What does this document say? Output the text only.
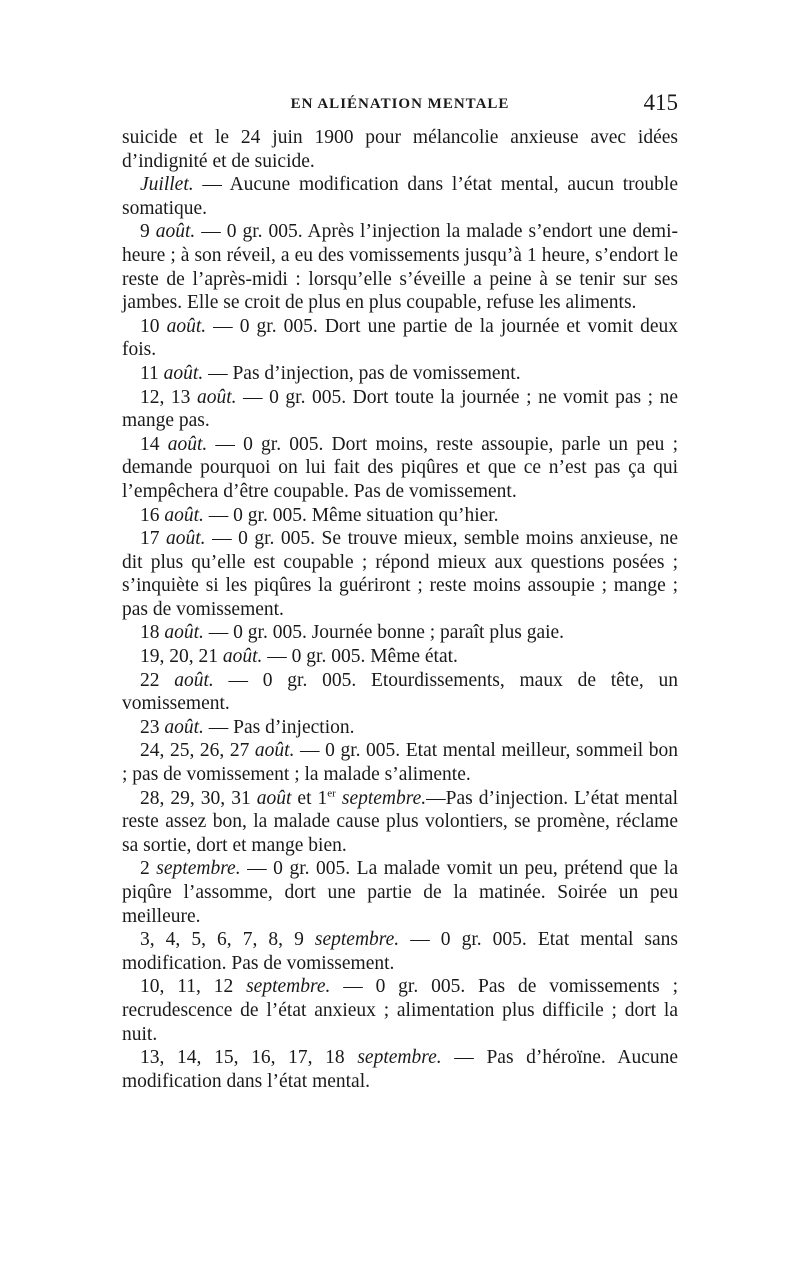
EN ALIÉNATION MENTALE	415

suicide et le 24 juin 1900 pour mélancolie anxieuse avec idées d’indignité et de suicide.

Juillet. — Aucune modification dans l’état mental, aucun trouble somatique.

9 août. — 0 gr. 005. Après l’injection la malade s’endort une demi-heure ; à son réveil, a eu des vomissements jusqu’à 1 heure, s’endort le reste de l’après-midi : lorsqu’elle s’éveille a peine à se tenir sur ses jambes. Elle se croit de plus en plus coupable, refuse les aliments.

10 août. — 0 gr. 005. Dort une partie de la journée et vomit deux fois.

11 août. — Pas d’injection, pas de vomissement.

12, 13 août. — 0 gr. 005. Dort toute la journée ; ne vomit pas ; ne mange pas.

14 août. — 0 gr. 005. Dort moins, reste assoupie, parle un peu ; demande pourquoi on lui fait des piqûres et que ce n’est pas ça qui l’empêchera d’être coupable. Pas de vomissement.

16 août. — 0 gr. 005. Même situation qu’hier.

17 août. — 0 gr. 005. Se trouve mieux, semble moins anxieuse, ne dit plus qu’elle est coupable ; répond mieux aux questions posées ; s’inquiète si les piqûres la guériront ; reste moins assoupie ; mange ; pas de vomissement.

18 août. — 0 gr. 005. Journée bonne ; paraît plus gaie.

19, 20, 21 août. — 0 gr. 005. Même état.

22 août. — 0 gr. 005. Etourdissements, maux de tête, un vomissement.

23 août. — Pas d’injection.

24, 25, 26, 27 août. — 0 gr. 005. Etat mental meilleur, sommeil bon ; pas de vomissement ; la malade s’alimente.

28, 29, 30, 31 août et 1er septembre.—Pas d’injection. L’état mental reste assez bon, la malade cause plus volontiers, se promène, réclame sa sortie, dort et mange bien.

2 septembre. — 0 gr. 005. La malade vomit un peu, prétend que la piqûre l’assomme, dort une partie de la matinée. Soirée un peu meilleure.

3, 4, 5, 6, 7, 8, 9 septembre. — 0 gr. 005. Etat mental sans modification. Pas de vomissement.

10, 11, 12 septembre. — 0 gr. 005. Pas de vomissements ; recrudescence de l’état anxieux ; alimentation plus difficile ; dort la nuit.

13, 14, 15, 16, 17, 18 septembre. — Pas d’héroïne. Aucune modification dans l’état mental.
